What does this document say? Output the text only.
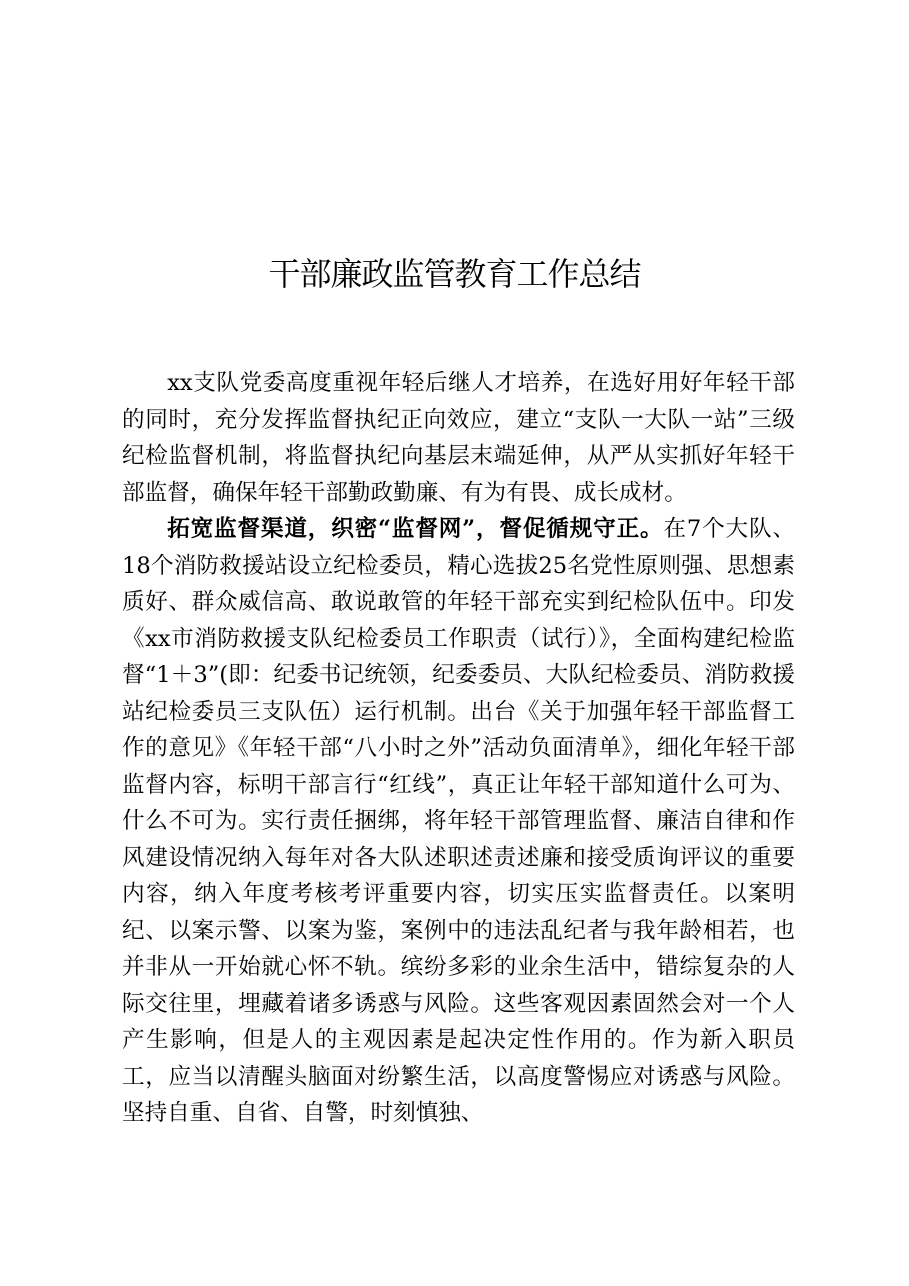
干部廉政监管教育工作总结

xx支队党委高度重视年轻后继人才培养，在选好用好年轻干部的同时，充分发挥监督执纪正向效应，建立“支队一大队一站”三级纪检监督机制，将监督执纪向基层末端延伸，从严从实抓好年轻干部监督，确保年轻干部勤政勤廉、有为有畏、成长成材。

拓宽监督渠道，织密“监督网”，督促循规守正。在7个大队、18个消防救援站设立纪检委员，精心选拔25名党性原则强、思想素质好、群众威信高、敢说敢管的年轻干部充实到纪检队伍中。印发《xx市消防救援支队纪检委员工作职责（试行）》，全面构建纪检监督“1＋3”(即：纪委书记统领，纪委委员、大队纪检委员、消防救援站纪检委员三支队伍）运行机制。出台《关于加强年轻干部监督工作的意见》《年轻干部“八小时之外”活动负面清单》，细化年轻干部监督内容，标明干部言行“红线”，真正让年轻干部知道什么可为、什么不可为。实行责任捆绑，将年轻干部管理监督、廉洁自律和作风建设情况纳入每年对各大队述职述责述廉和接受质询评议的重要内容，纳入年度考核考评重要内容，切实压实监督责任。以案明纪、以案示警、以案为鉴，案例中的违法乱纪者与我年龄相若，也并非从一开始就心怀不轨。缤纷多彩的业余生活中，错综复杂的人际交往里，埋藏着诸多诱惑与风险。这些客观因素固然会对一个人产生影响，但是人的主观因素是起决定性作用的。作为新入职员工，应当以清醒头脑面对纷繁生活，以高度警惕应对诱惑与风险。坚持自重、自省、自警，时刻慎独、
